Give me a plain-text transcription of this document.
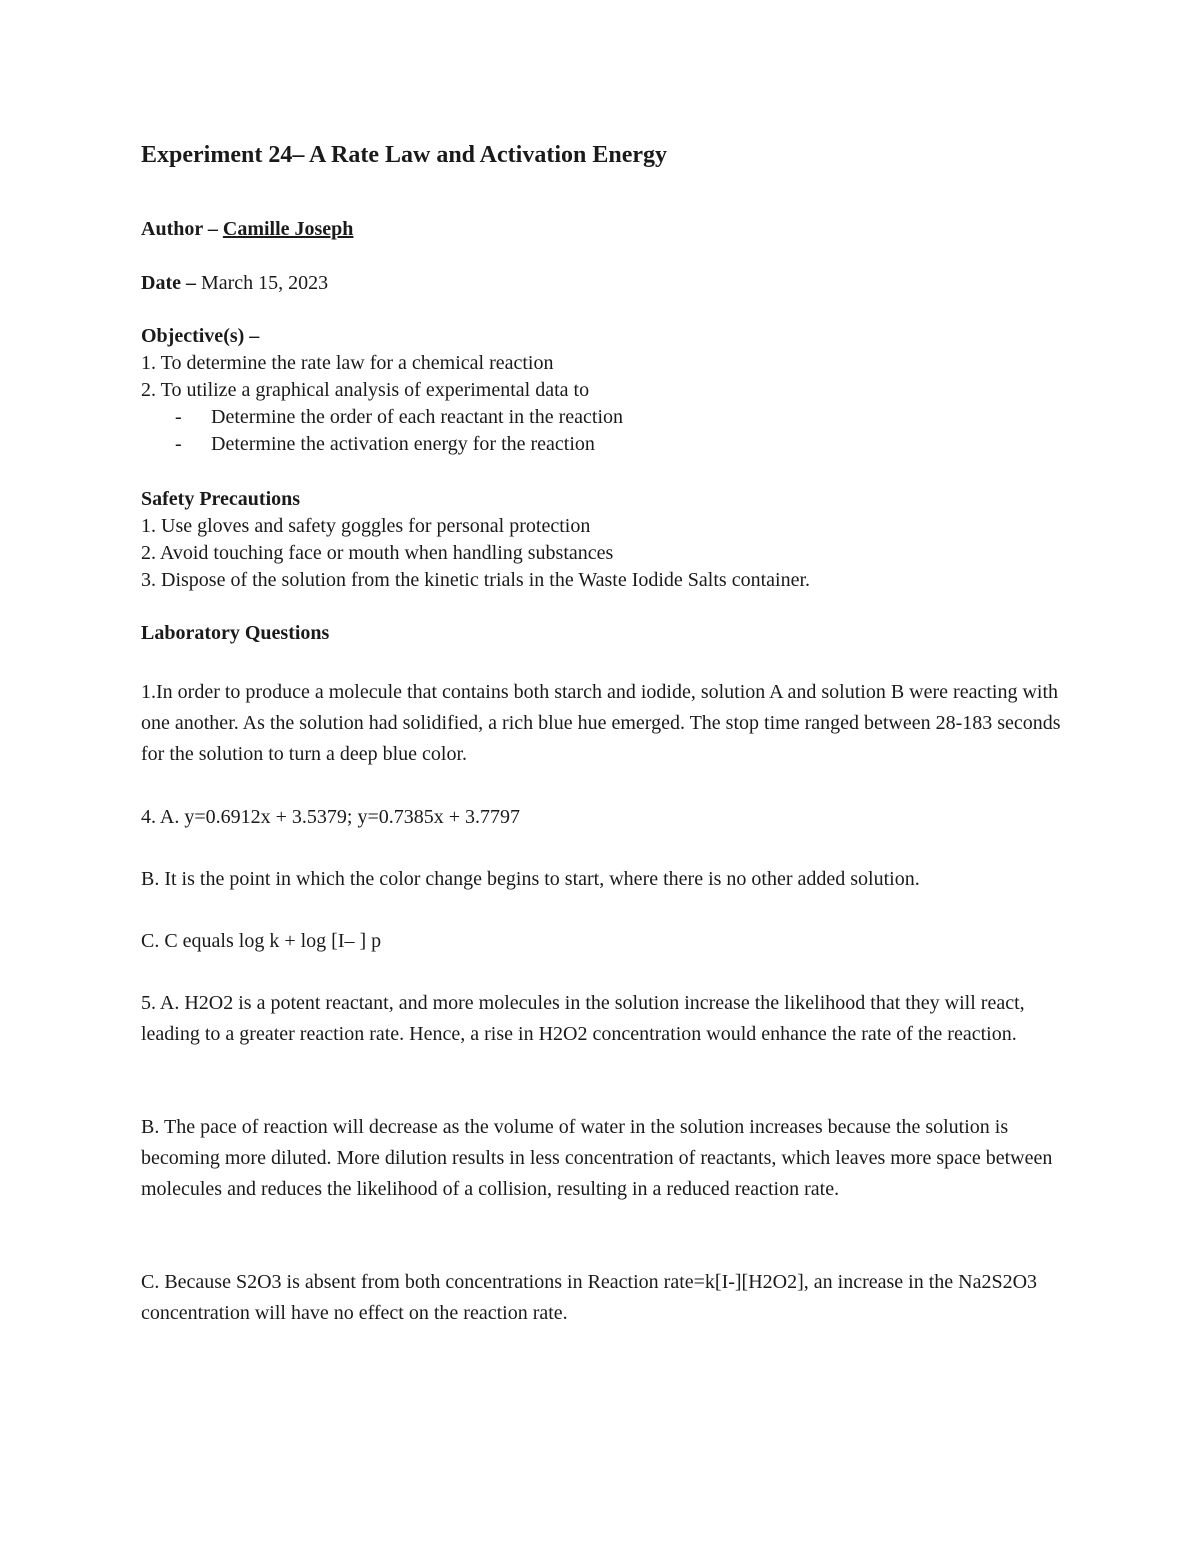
Experiment 24– A Rate Law and Activation Energy
Author – Camille Joseph
Date – March 15, 2023
Objective(s) –
1. To determine the rate law for a chemical reaction
2. To utilize a graphical analysis of experimental data to
- Determine the order of each reactant in the reaction
- Determine the activation energy for the reaction
Safety Precautions
1. Use gloves and safety goggles for personal protection
2. Avoid touching face or mouth when handling substances
3. Dispose of the solution from the kinetic trials in the Waste Iodide Salts container.
Laboratory Questions

1.In order to produce a molecule that contains both starch and iodide, solution A and solution B were reacting with one another. As the solution had solidified, a rich blue hue emerged. The stop time ranged between 28-183 seconds for the solution to turn a deep blue color.

4. A. y=0.6912x + 3.5379; y=0.7385x + 3.7797

B. It is the point in which the color change begins to start, where there is no other added solution.

C. C equals log k + log [I– ] p

5. A. H2O2 is a potent reactant, and more molecules in the solution increase the likelihood that they will react, leading to a greater reaction rate. Hence, a rise in H2O2 concentration would enhance the rate of the reaction.

B. The pace of reaction will decrease as the volume of water in the solution increases because the solution is becoming more diluted. More dilution results in less concentration of reactants, which leaves more space between molecules and reduces the likelihood of a collision, resulting in a reduced reaction rate.

C. Because S2O3 is absent from both concentrations in Reaction rate=k[I-][H2O2], an increase in the Na2S2O3 concentration will have no effect on the reaction rate.
